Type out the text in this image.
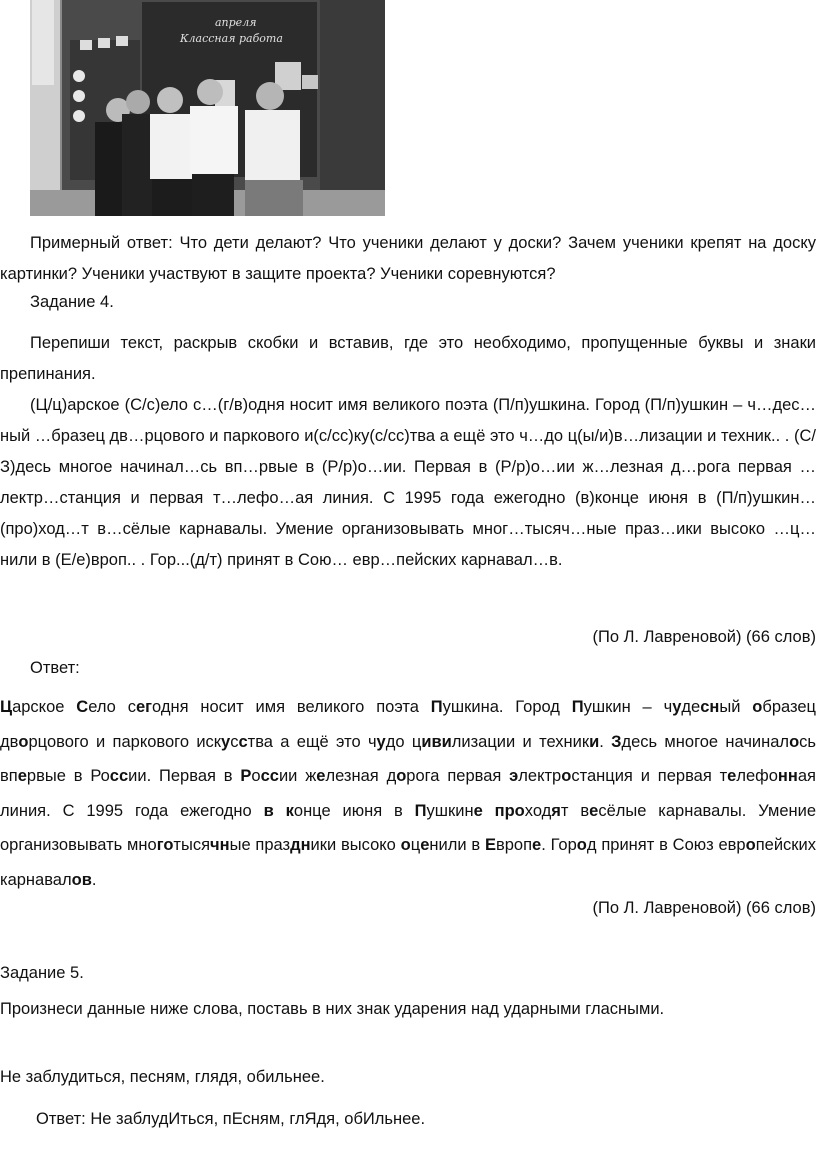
апреля
Классная работа

Примерный ответ: Что дети делают? Что ученики делают у доски? Зачем ученики крепят на доску картинки? Ученики участвуют в защите проекта? Ученики соревнуются?

Задание 4.

Перепиши текст, раскрыв скобки и вставив, где это необходимо, пропущенные буквы и знаки препинания.

(Ц/ц)арское (С/с)ело с…(г/в)одня носит имя великого поэта (П/п)ушкина. Город (П/п)ушкин – ч…дес…ный …бразец дв…рцового и паркового и(с/сс)ку(с/сс)тва а ещё это ч…до ц(ы/и)в…лизации и техник.. . (С/З)десь многое начинал…сь вп…рвые в (Р/р)о…ии. Первая в (Р/р)о…ии ж…лезная д…рога первая …лектр…станция и первая т…лефо…ая линия. С 1995 года ежегодно (в)конце июня в (П/п)ушкин… (про)ход…т в…сёлые карнавалы. Умение организовывать мног…тысяч…ные праз…ики высоко …ц…нили в (Е/е)вроп.. . Гор...(д/т) принят в Сою… евр…пейских карнавал…в.

(По Л. Лавреновой) (66 слов)

Ответ:

Царское Село сегодня носит имя великого поэта Пушкина. Город Пушкин – чудесный образец дворцового и паркового искусства а ещё это чудо цивилизации и техники. Здесь многое начиналось впервые в России. Первая в России железная дорога первая электростанция и первая телефонная линия. С 1995 года ежегодно в конце июня в Пушкине проходят весёлые карнавалы. Умение организовывать многотысячные праздники высоко оценили в Европе. Город принят в Союз европейских карнавалов.

(По Л. Лавреновой) (66 слов)

Задание 5.

Произнеси данные ниже слова, поставь в них знак ударения над ударными гласными.

Не заблудиться, песням, глядя, обильнее.

Ответ: Не заблудИться, пЕсням, глЯдя, обИльнее.
